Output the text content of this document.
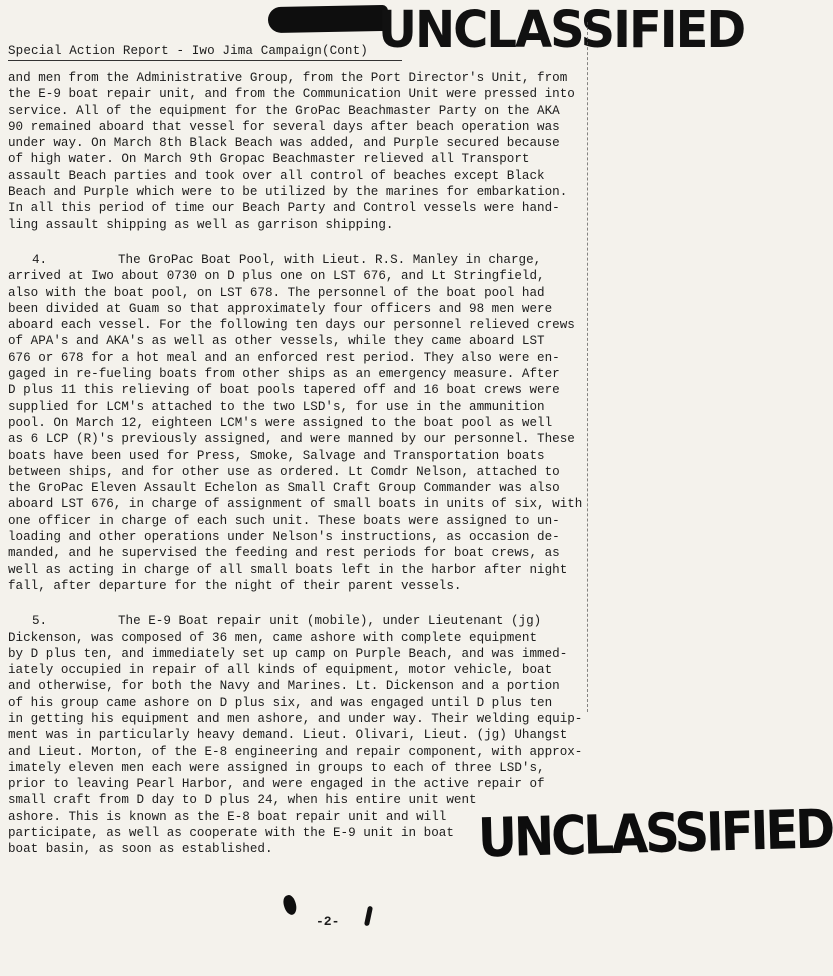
UNCLASSIFIED
Special Action Report - Iwo Jima Campaign(Cont)
and men from the Administrative Group, from the Port Director's Unit, from
the E-9 boat repair unit, and from the Communication Unit were pressed into
service. All of the equipment for the GroPac Beachmaster Party on the AKA
90 remained aboard that vessel for several days after beach operation was
under way. On March 8th Black Beach was added, and Purple secured because
of high water. On March 9th Gropac Beachmaster relieved all Transport
assault Beach parties and took over all control of beaches except Black
Beach and Purple which were to be utilized by the marines for embarkation.
In all this period of time our Beach Party and Control vessels were hand-
ling assault shipping as well as garrison shipping.
4.	The GroPac Boat Pool, with Lieut. R.S. Manley in charge,
arrived at Iwo about 0730 on D plus one on LST 676, and Lt Stringfield,
also with the boat pool, on LST 678. The personnel of the boat pool had
been divided at Guam so that approximately four officers and 98 men were
aboard each vessel. For the following ten days our personnel relieved crews
of APA's and AKA's as well as other vessels, while they came aboard LST
676 or 678 for a hot meal and an enforced rest period. They also were en-
gaged in re-fueling boats from other ships as an emergency measure. After
D plus 11 this relieving of boat pools tapered off and 16 boat crews were
supplied for LCM's attached to the two LSD's, for use in the ammunition
pool. On March 12, eighteen LCM's were assigned to the boat pool as well
as 6 LCP (R)'s previously assigned, and were manned by our personnel. These
boats have been used for Press, Smoke, Salvage and Transportation boats
between ships, and for other use as ordered. Lt Comdr Nelson, attached to
the GroPac Eleven Assault Echelon as Small Craft Group Commander was also
aboard LST 676, in charge of assignment of small boats in units of six, with
one officer in charge of each such unit. These boats were assigned to un-
loading and other operations under Nelson's instructions, as occasion de-
manded, and he supervised the feeding and rest periods for boat crews, as
well as acting in charge of all small boats left in the harbor after night
fall, after departure for the night of their parent vessels.
5.	The E-9 Boat repair unit (mobile), under Lieutenant (jg)
Dickenson, was composed of 36 men, came ashore with complete equipment
by D plus ten, and immediately set up camp on Purple Beach, and was immed-
iately occupied in repair of all kinds of equipment, motor vehicle, boat
and otherwise, for both the Navy and Marines. Lt. Dickenson and a portion
of his group came ashore on D plus six, and was engaged until D plus ten
in getting his equipment and men ashore, and under way. Their welding equip-
ment was in particularly heavy demand. Lieut. Olivari, Lieut. (jg) Uhangst
and Lieut. Morton, of the E-8 engineering and repair component, with approx-
imately eleven men each were assigned in groups to each of three LSD's,
prior to leaving Pearl Harbor, and were engaged in the active repair of
small craft from D day to D plus 24, when his entire unit went
ashore. This is known as the E-8 boat repair unit and will
participate, as well as cooperate with the E-9 unit in boat
boat basin, as soon as established.	UNCLASSIFIED
-2-
